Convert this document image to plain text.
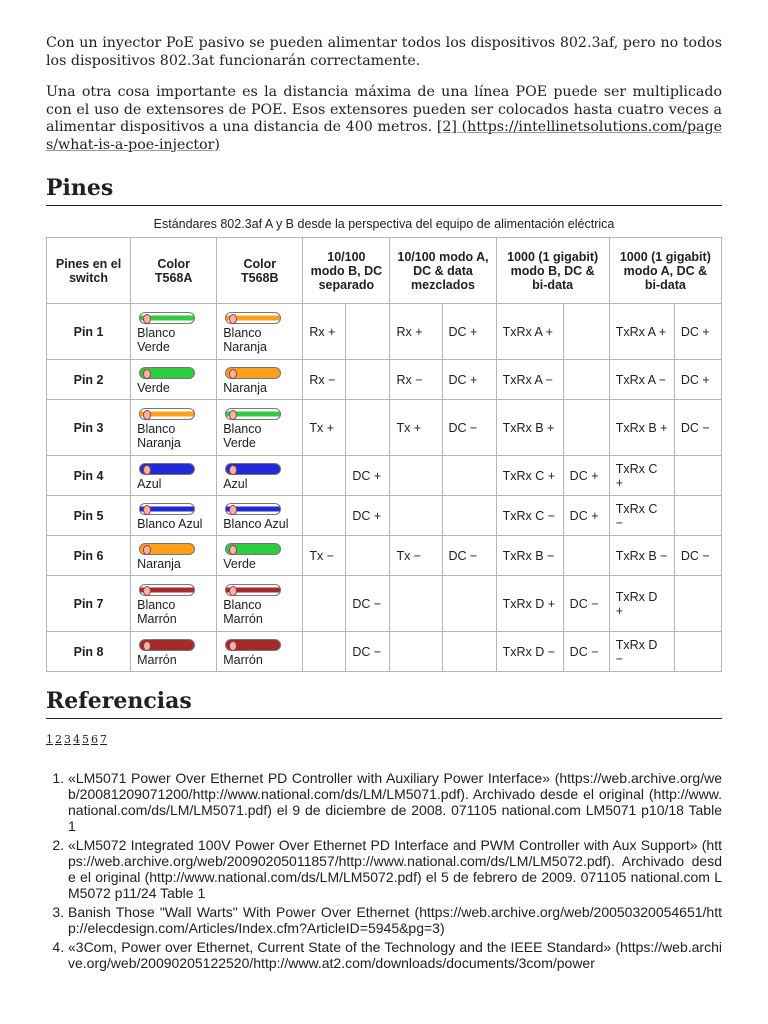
Con un inyector PoE pasivo se pueden alimentar todos los dispositivos 802.3af, pero no todos los dispositivos 802.3at funcionarán correctamente.

Una otra cosa importante es la distancia máxima de una línea POE puede ser multiplicado con el uso de extensores de POE. Esos extensores pueden ser colocados hasta cuatro veces a alimentar dispositivos a una distancia de 400 metros. [2] (https://intellinetsolutions.com/pages/what-is-a-poe-injector)

Pines
Estándares 802.3af A y B desde la perspectiva del equipo de alimentación eléctrica
Pines en el switch	Color T568A	Color T568B	10/100 modo B, DC separado		10/100 modo A, DC & data mezclados		1000 (1 gigabit) modo B, DC & bi-data		1000 (1 gigabit) modo A, DC & bi-data	
Pin 1	Blanco Verde	Blanco Naranja	Rx +		Rx +	DC +	TxRx A +		TxRx A +	DC +
Pin 2	Verde	Naranja	Rx −		Rx −	DC +	TxRx A −		TxRx A −	DC +
Pin 3	Blanco Naranja	Blanco Verde	Tx +		Tx +	DC −	TxRx B +		TxRx B +	DC −
Pin 4	Azul	Azul		DC +			TxRx C +	DC +	TxRx C +	
Pin 5	Blanco Azul	Blanco Azul		DC +			TxRx C −	DC +	TxRx C −	
Pin 6	Naranja	Verde	Tx −		Tx −	DC −	TxRx B −		TxRx B −	DC −
Pin 7	Blanco Marrón	Blanco Marrón		DC −			TxRx D +	DC −	TxRx D +	
Pin 8	Marrón	Marrón		DC −			TxRx D −	DC −	TxRx D −	
Referencias
1 2 3 4 5 6 7
1. «LM5071 Power Over Ethernet PD Controller with Auxiliary Power Interface» (https://web.archive.org/web/20081209071200/http://www.national.com/ds/LM/LM5071.pdf). Archivado desde el original (http://www.national.com/ds/LM/LM5071.pdf) el 9 de diciembre de 2008. 071105 national.com LM5071 p10/18 Table 1
2. «LM5072 Integrated 100V Power Over Ethernet PD Interface and PWM Controller with Aux Support» (https://web.archive.org/web/20090205011857/http://www.national.com/ds/LM/LM5072.pdf). Archivado desde el original (http://www.national.com/ds/LM/LM5072.pdf) el 5 de febrero de 2009. 071105 national.com LM5072 p11/24 Table 1
3. Banish Those "Wall Warts" With Power Over Ethernet (https://web.archive.org/web/20050320054651/http://elecdesign.com/Articles/Index.cfm?ArticleID=5945&pg=3)
4. «3Com, Power over Ethernet, Current State of the Technology and the IEEE Standard» (https://web.archive.org/web/20090205122520/http://www.at2.com/downloads/documents/3com/power
